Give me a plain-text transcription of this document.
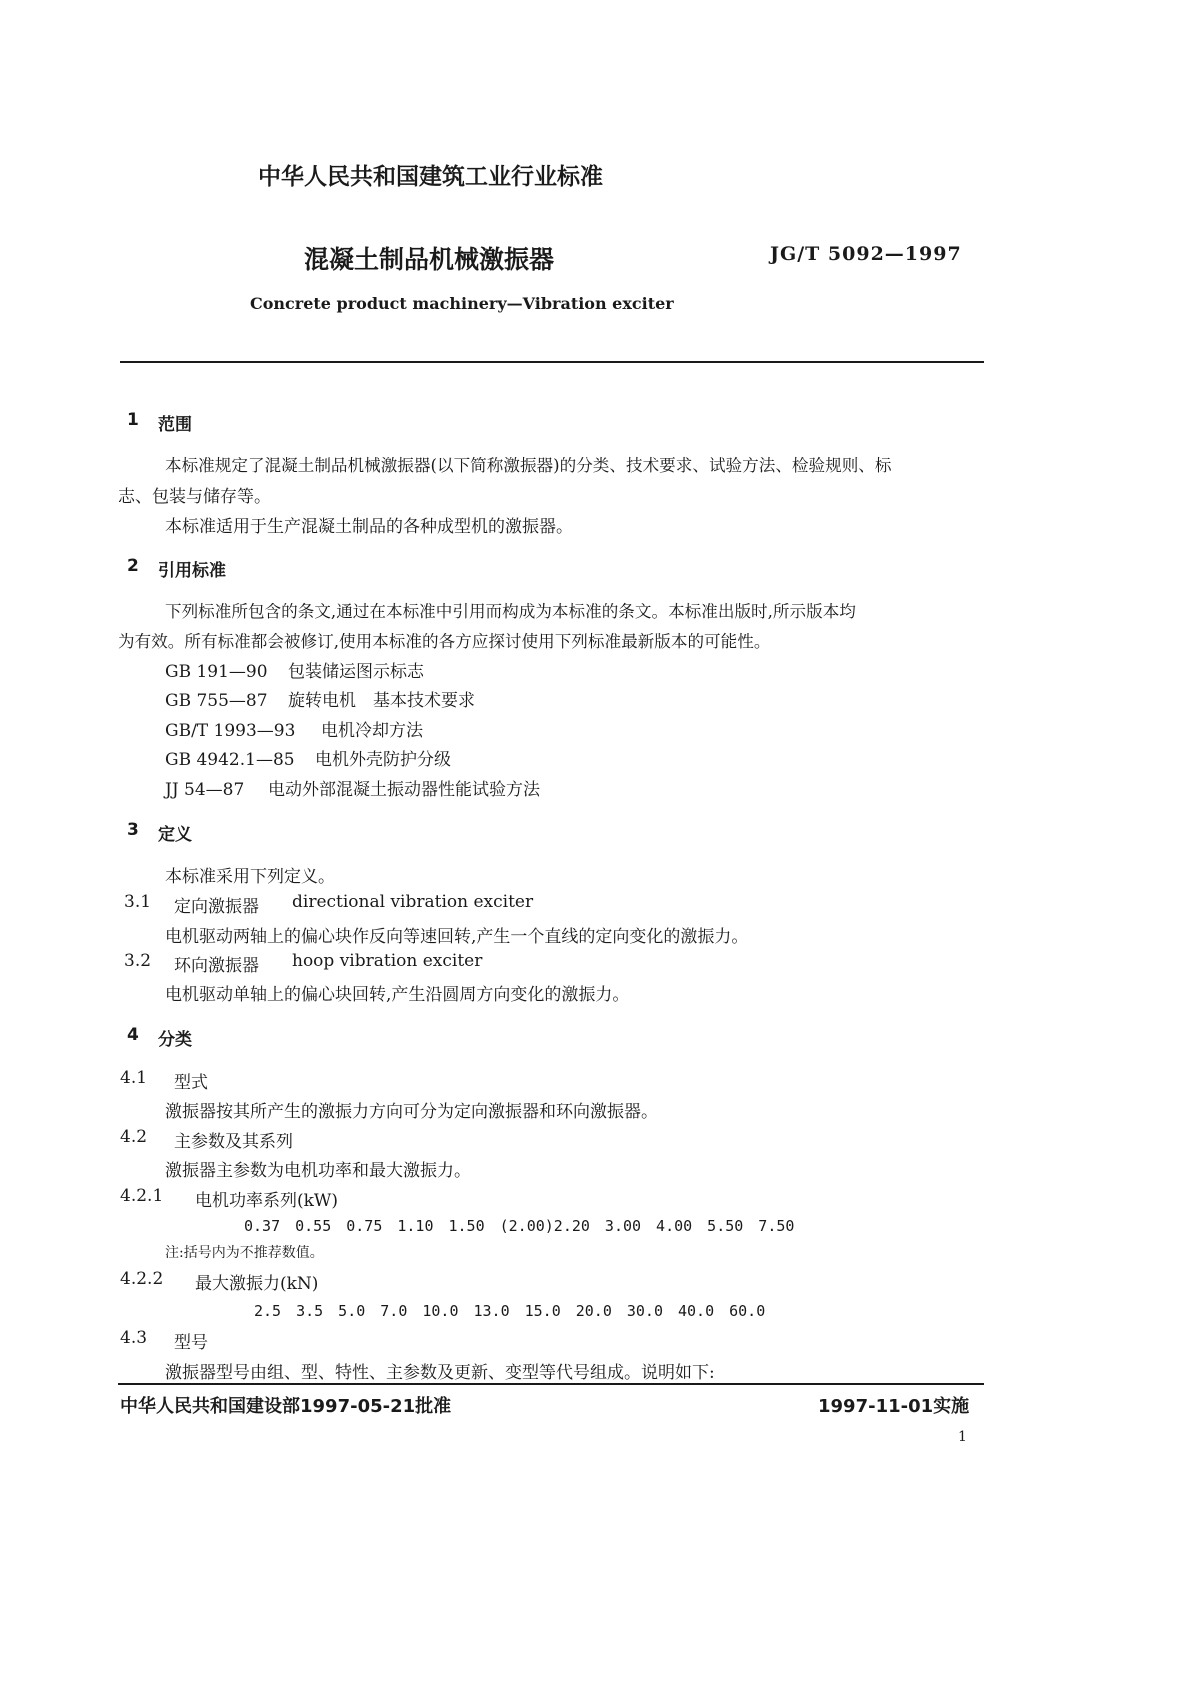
中华人民共和国建筑工业行业标准
混凝土制品机械激振器	JG/T 5092—1997
Concrete product machinery—Vibration exciter
1 范围
本标准规定了混凝土制品机械激振器(以下简称激振器)的分类、技术要求、试验方法、检验规则、标
志、包装与储存等。
本标准适用于生产混凝土制品的各种成型机的激振器。
2 引用标准
下列标准所包含的条文,通过在本标准中引用而构成为本标准的条文。本标准出版时,所示版本均
为有效。所有标准都会被修订,使用本标准的各方应探讨使用下列标准最新版本的可能性。
GB 191—90 包装储运图示标志
GB 755—87 旋转电机　基本技术要求
GB/T 1993—93 电机冷却方法
GB 4942.1—85 电机外壳防护分级
JJ 54—87 电动外部混凝土振动器性能试验方法
3 定义
本标准采用下列定义。
3.1 定向激振器 directional vibration exciter
电机驱动两轴上的偏心块作反向等速回转,产生一个直线的定向变化的激振力。
3.2 环向激振器 hoop vibration exciter
电机驱动单轴上的偏心块回转,产生沿圆周方向变化的激振力。
4 分类
4.1 型式
激振器按其所产生的激振力方向可分为定向激振器和环向激振器。
4.2 主参数及其系列
激振器主参数为电机功率和最大激振力。
4.2.1 电机功率系列(kW)
0.37　0.55　0.75　1.10　1.50　(2.00)2.20　3.00　4.00　5.50　7.50
注:括号内为不推荐数值。
4.2.2 最大激振力(kN)
2.5　3.5　5.0　7.0　10.0　13.0　15.0　20.0　30.0　40.0　60.0
4.3 型号
激振器型号由组、型、特性、主参数及更新、变型等代号组成。说明如下:
中华人民共和国建设部1997-05-21批准	1997-11-01实施
1
